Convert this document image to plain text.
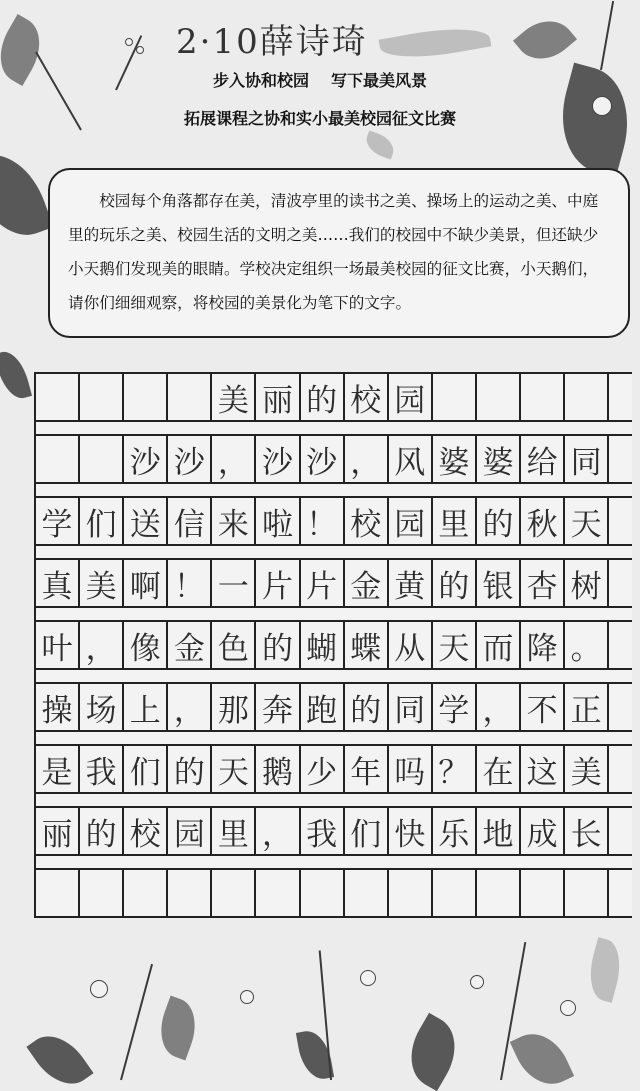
2·10薛诗琦
步入协和校园 写下最美风景
拓展课程之协和实小最美校园征文比赛
校园每个角落都存在美，清波亭里的读书之美、操场上的运动之美、中庭里的玩乐之美、校园生活的文明之美……我们的校园中不缺少美景，但还缺少小天鹅们发现美的眼睛。学校决定组织一场最美校园的征文比赛，小天鹅们，请你们细细观察，将校园的美景化为笔下的文字。
美 丽 的 校 园
沙 沙 ， 沙 沙 ， 风 婆 婆 给 同
学 们 送 信 来 啦 ！ 校 园 里 的 秋 天
真 美 啊 ！ 一 片 片 金 黄 的 银 杏 树
叶 ， 像 金 色 的 蝴 蝶 从 天 而 降 。
操 场 上 ， 那 奔 跑 的 同 学 ， 不 正
是 我 们 的 天 鹅 少 年 吗 ？ 在 这 美
丽 的 校 园 里 ， 我 们 快 乐 地 成 长
